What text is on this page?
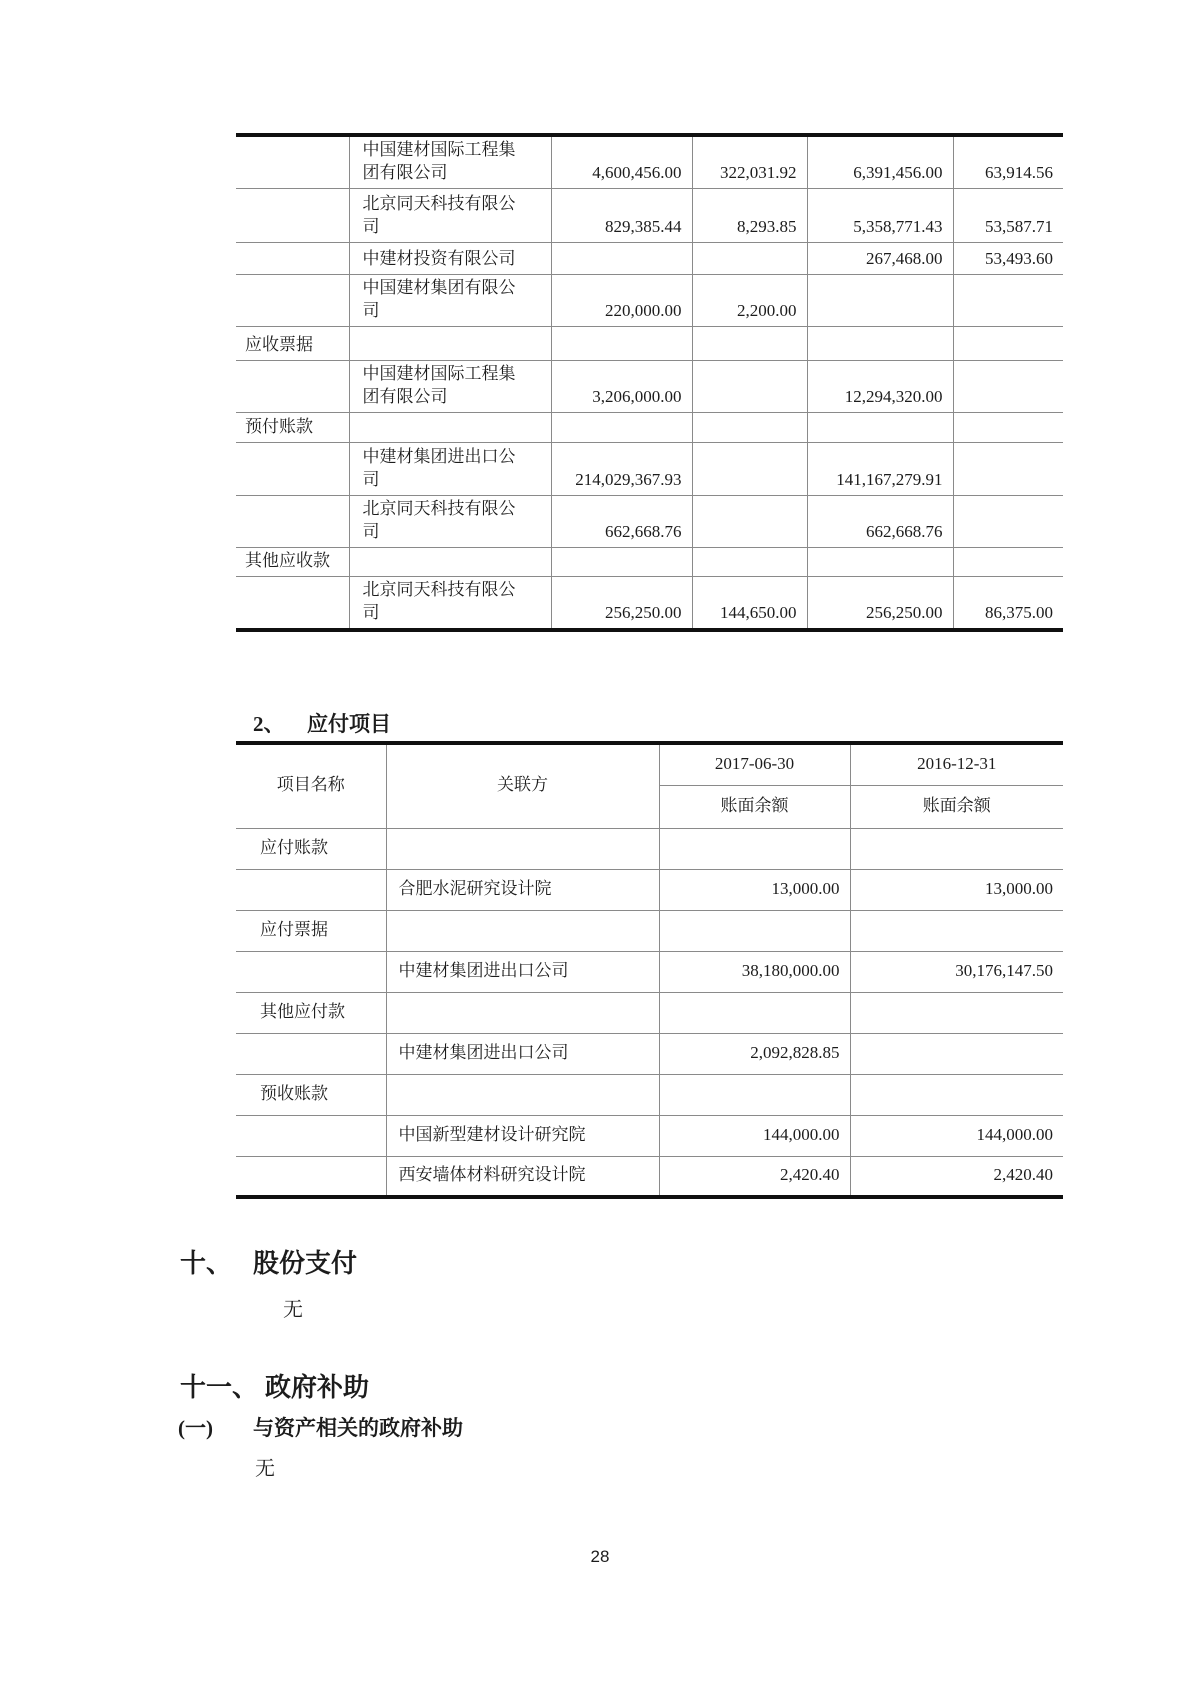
	中国建材国际工程集团有限公司	4,600,456.00	322,031.92	6,391,456.00	63,914.56
	北京同天科技有限公司	829,385.44	8,293.85	5,358,771.43	53,587.71
	中建材投资有限公司			267,468.00	53,493.60
	中国建材集团有限公司	220,000.00	2,200.00		
应收票据					
	中国建材国际工程集团有限公司	3,206,000.00		12,294,320.00	
预付账款					
	中建材集团进出口公司	214,029,367.93		141,167,279.91	
	北京同天科技有限公司	662,668.76		662,668.76	
其他应收款					
	北京同天科技有限公司	256,250.00	144,650.00	256,250.00	86,375.00
2、 应付项目
项目名称	关联方	2017-06-30	2016-12-31
		账面余额	账面余额
应付账款			
	合肥水泥研究设计院	13,000.00	13,000.00
应付票据			
	中建材集团进出口公司	38,180,000.00	30,176,147.50
其他应付款			
	中建材集团进出口公司	2,092,828.85	
预收账款			
	中国新型建材设计研究院	144,000.00	144,000.00
	西安墙体材料研究设计院	2,420.40	2,420.40
十、 股份支付
无
十一、 政府补助
(一) 与资产相关的政府补助
无
28
